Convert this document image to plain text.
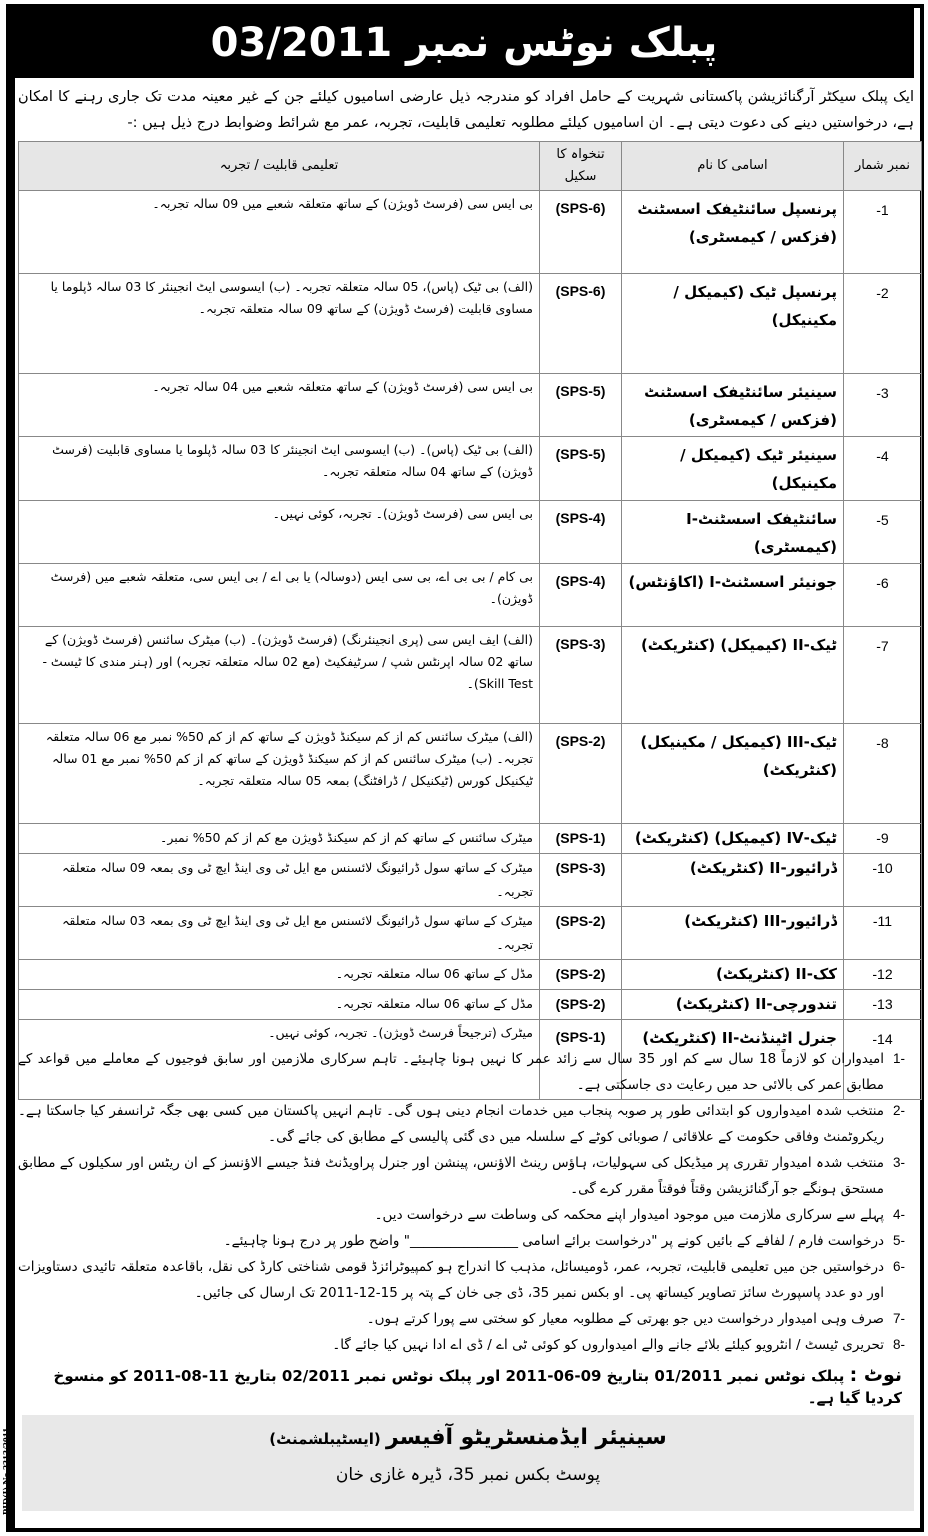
پبلک نوٹس نمبر 03/2011
ایک پبلک سیکٹر آرگنائزیشن پاکستانی شہریت کے حامل افراد کو مندرجہ ذیل عارضی اسامیوں کیلئے جن کے غیر معینہ مدت تک جاری رہنے کا امکان ہے، درخواستیں دینے کی دعوت دیتی ہے۔ ان اسامیوں کیلئے مطلوبہ تعلیمی قابلیت، تجربہ، عمر مع شرائط وضوابط درج ذیل ہیں :-
نمبر شمار	اسامی کا نام	تنخواہ کا سکیل	تعلیمی قابلیت / تجربہ
-1	پرنسپل سائنٹیفک اسسٹنٹ (فزکس / کیمسٹری)	(SPS-6)	بی ایس سی (فرسٹ ڈویژن) کے ساتھ متعلقہ شعبے میں 09 سالہ تجربہ۔
-2	پرنسپل ٹیک (کیمیکل / مکینیکل)	(SPS-6)	(الف) بی ٹیک (پاس)، 05 سالہ متعلقہ تجربہ۔ (ب) ایسوسی ایٹ انجینئر کا 03 سالہ ڈپلوما یا مساوی قابلیت (فرسٹ ڈویژن) کے ساتھ 09 سالہ متعلقہ تجربہ۔
-3	سینیئر سائنٹیفک اسسٹنٹ (فزکس / کیمسٹری)	(SPS-5)	بی ایس سی (فرسٹ ڈویژن) کے ساتھ متعلقہ شعبے میں 04 سالہ تجربہ۔
-4	سینیئر ٹیک (کیمیکل / مکینیکل)	(SPS-5)	(الف) بی ٹیک (پاس)۔ (ب) ایسوسی ایٹ انجینئر کا 03 سالہ ڈپلوما یا مساوی قابلیت (فرسٹ ڈویژن) کے ساتھ 04 سالہ متعلقہ تجربہ۔
-5	سائنٹیفک اسسٹنٹ-I (کیمسٹری)	(SPS-4)	بی ایس سی (فرسٹ ڈویژن)۔ تجربہ، کوئی نہیں۔
-6	جونیئر اسسٹنٹ-I (اکاؤنٹس)	(SPS-4)	بی کام / بی بی اے، بی سی ایس (دوسالہ) یا بی اے / بی ایس سی، متعلقہ شعبے میں (فرسٹ ڈویژن)۔
-7	ٹیک-II (کیمیکل) (کنٹریکٹ)	(SPS-3)	(الف) ایف ایس سی (پری انجینئرنگ) (فرسٹ ڈویژن)۔ (ب) میٹرک سائنس (فرسٹ ڈویژن) کے ساتھ 02 سالہ اپرنٹس شپ / سرٹیفکیٹ (مع 02 سالہ متعلقہ تجربہ) اور (ہنر مندی کا ٹیسٹ - Skill Test)۔
-8	ٹیک-III (کیمیکل / مکینیکل) (کنٹریکٹ)	(SPS-2)	(الف) میٹرک سائنس کم از کم سیکنڈ ڈویژن کے ساتھ کم از کم 50% نمبر مع 06 سالہ متعلقہ تجربہ۔ (ب) میٹرک سائنس کم از کم سیکنڈ ڈویژن کے ساتھ کم از کم 50% نمبر مع 01 سالہ ٹیکنیکل کورس (ٹیکنیکل / ڈرافٹنگ) بمعہ 05 سالہ متعلقہ تجربہ۔
-9	ٹیک-IV (کیمیکل) (کنٹریکٹ)	(SPS-1)	میٹرک سائنس کے ساتھ کم از کم سیکنڈ ڈویژن مع کم از کم 50% نمبر۔
-10	ڈرائیور-II (کنٹریکٹ)	(SPS-3)	میٹرک کے ساتھ سول ڈرائیونگ لائسنس مع ایل ٹی وی اینڈ ایچ ٹی وی بمعہ 09 سالہ متعلقہ تجربہ۔
-11	ڈرائیور-III (کنٹریکٹ)	(SPS-2)	میٹرک کے ساتھ سول ڈرائیونگ لائسنس مع ایل ٹی وی اینڈ ایچ ٹی وی بمعہ 03 سالہ متعلقہ تجربہ۔
-12	کک-II (کنٹریکٹ)	(SPS-2)	مڈل کے ساتھ 06 سالہ متعلقہ تجربہ۔
-13	تندورچی-II (کنٹریکٹ)	(SPS-2)	مڈل کے ساتھ 06 سالہ متعلقہ تجربہ۔
-14	جنرل اٹینڈنٹ-II (کنٹریکٹ)	(SPS-1)	میٹرک (ترجیحاً فرسٹ ڈویژن)۔ تجربہ، کوئی نہیں۔
-1
امیدواران کو لازماً 18 سال سے کم اور 35 سال سے زائد عمر کا نہیں ہونا چاہیئے۔ تاہم سرکاری ملازمین اور سابق فوجیوں کے معاملے میں قواعد کے مطابق عمر کی بالائی حد میں رعایت دی جاسکتی ہے۔
-2
منتخب شدہ امیدواروں کو ابتدائی طور پر صوبہ پنجاب میں خدمات انجام دینی ہوں گی۔ تاہم انہیں پاکستان میں کسی بھی جگہ ٹرانسفر کیا جاسکتا ہے۔ ریکروٹمنٹ وفاقی حکومت کے علاقائی / صوبائی کوٹے کے سلسلہ میں دی گئی پالیسی کے مطابق کی جائے گی۔
-3
منتخب شدہ امیدوار تقرری پر میڈیکل کی سہولیات، ہاؤس رینٹ الاؤنس، پینشن اور جنرل پراویڈنٹ فنڈ جیسے الاؤنسز کے ان ریٹس اور سکیلوں کے مطابق مستحق ہونگے جو آرگنائزیشن وقتاً فوقتاً مقرر کرے گی۔
-4
پہلے سے سرکاری ملازمت میں موجود امیدوار اپنے محکمہ کی وساطت سے درخواست دیں۔
-5
درخواست فارم / لفافے کے بائیں کونے پر "درخواست برائے اسامی ________________" واضح طور پر درج ہونا چاہیئے۔
-6
درخواستیں جن میں تعلیمی قابلیت، تجربہ، عمر، ڈومیسائل، مذہب کا اندراج ہو کمپیوٹرائزڈ قومی شناختی کارڈ کی نقل، باقاعدہ متعلقہ تائیدی دستاویزات اور دو عدد پاسپورٹ سائز تصاویر کیساتھ پی۔ او بکس نمبر 35، ڈی جی خان کے پتہ پر 15-12-2011 تک ارسال کی جائیں۔
-7
صرف وہی امیدوار درخواست دیں جو بھرتی کے مطلوبہ معیار کو سختی سے پورا کرتے ہوں۔
-8
تحریری ٹیسٹ / انٹرویو کیلئے بلائے جانے والے امیدواروں کو کوئی ٹی اے / ڈی اے ادا نہیں کیا جائے گا۔
نوٹ : پبلک نوٹس نمبر 01/2011 بتاریخ 09-06-2011 اور پبلک نوٹس نمبر 02/2011 بتاریخ 11-08-2011 کو منسوخ کردیا گیا ہے۔
سینیئر ایڈمنسٹریٹو آفیسر (ایسٹیبلشمنٹ)
پوسٹ بکس نمبر 35، ڈیرہ غازی خان
PID(I) No.2313/2011
